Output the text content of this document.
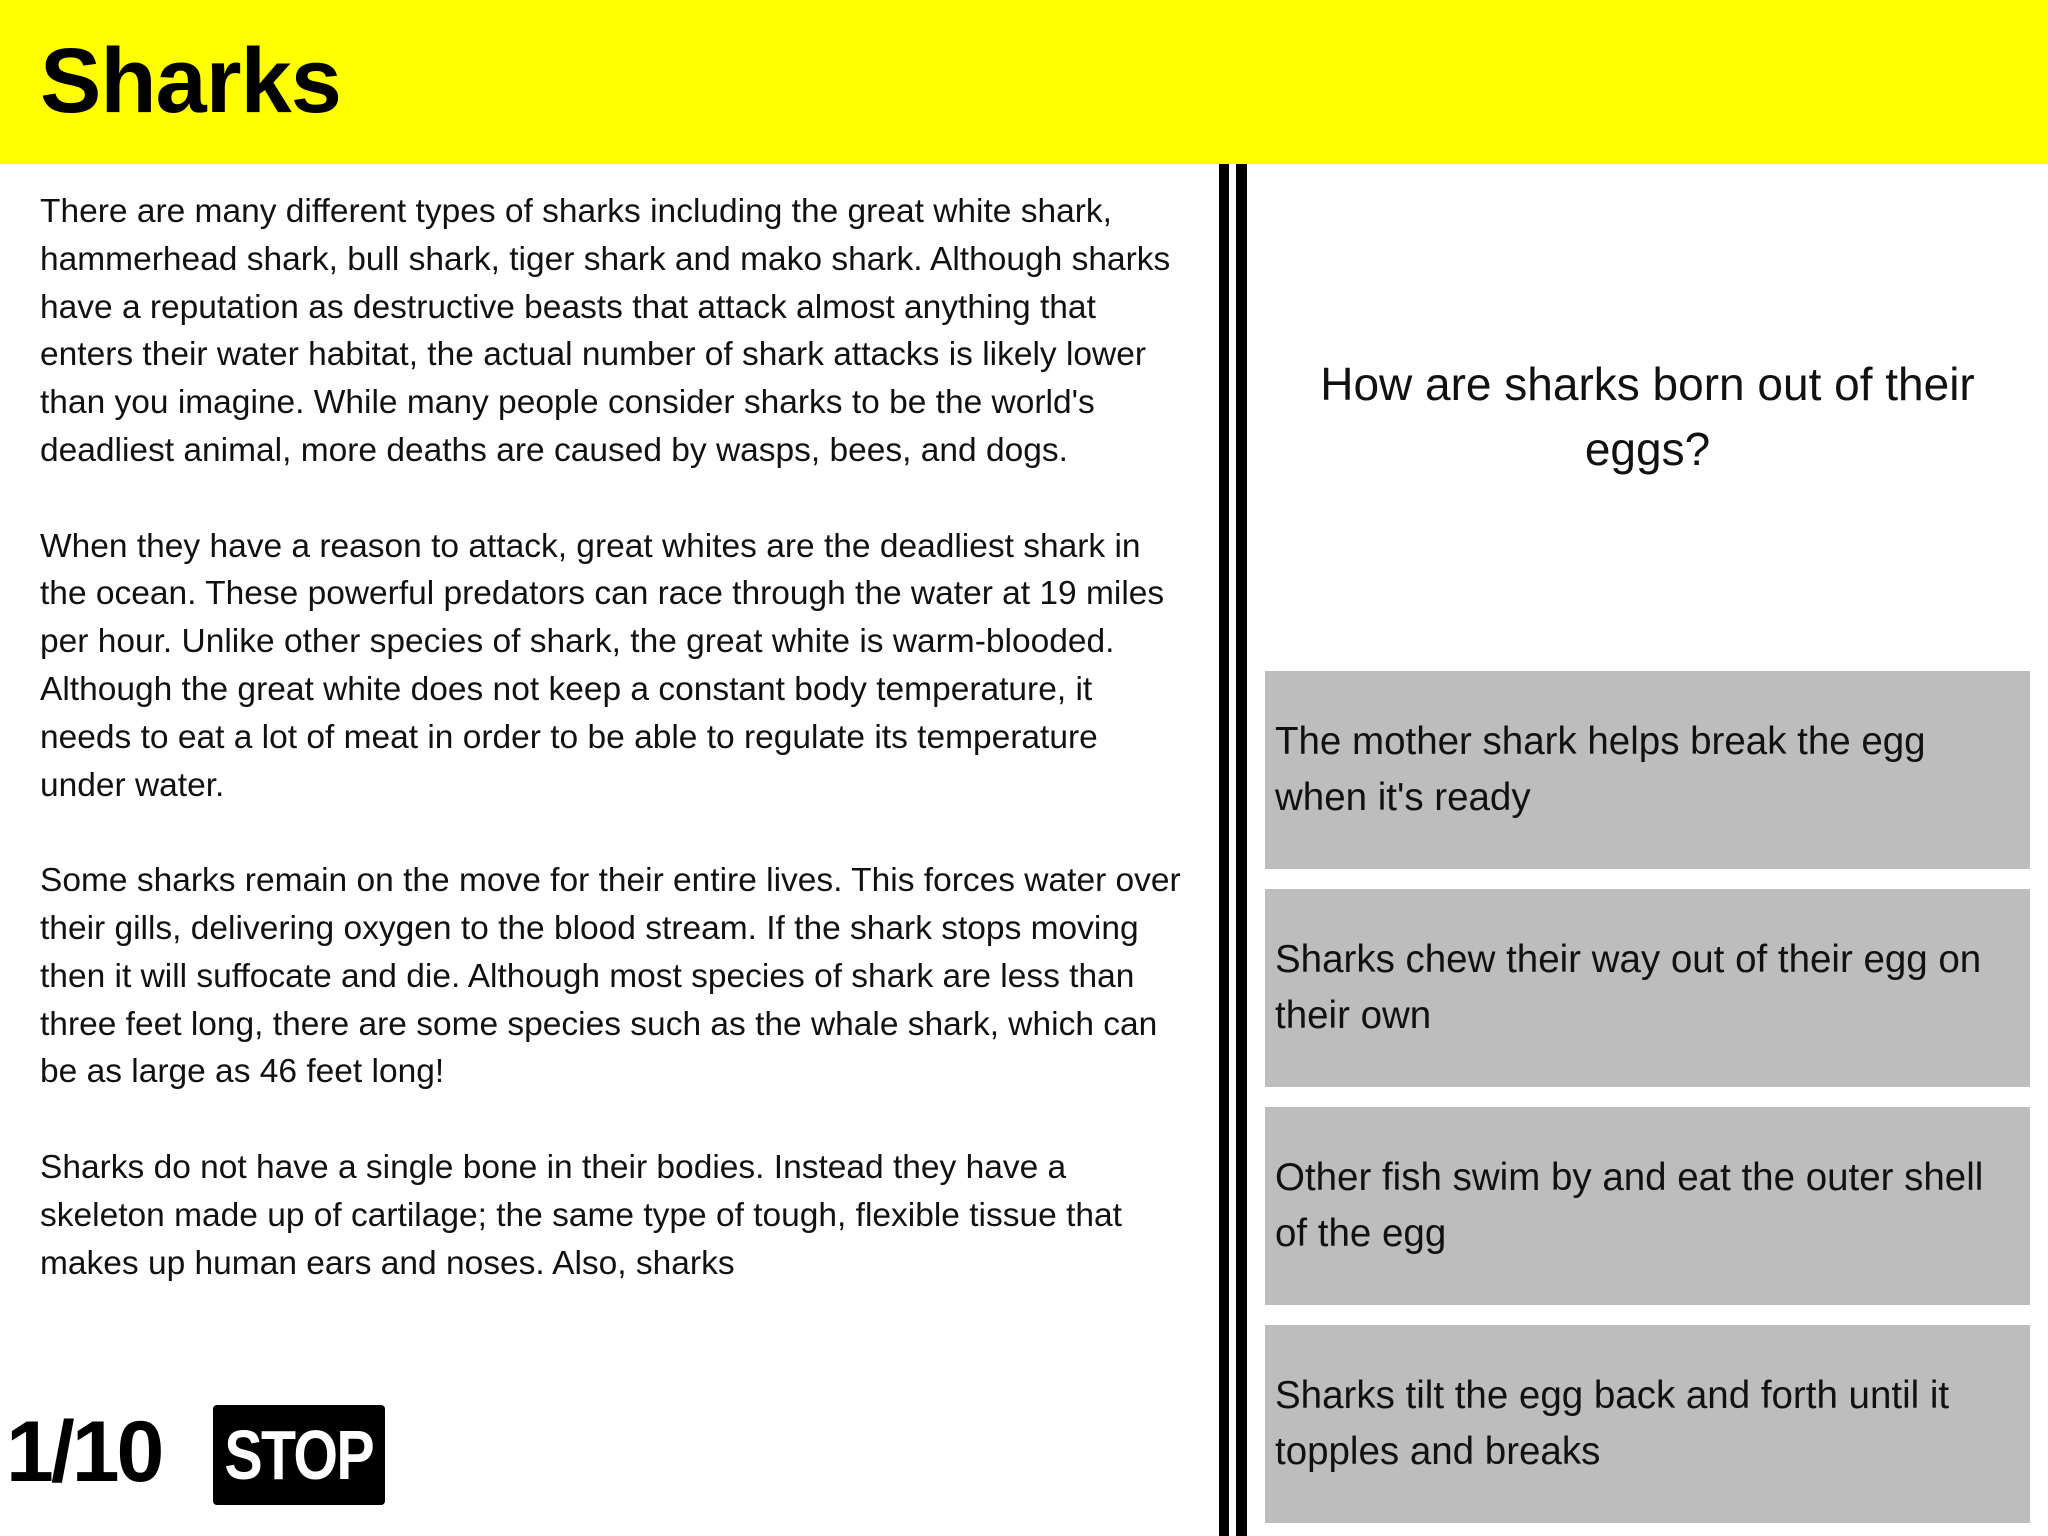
Sharks

There are many different types of sharks including the great white shark, hammerhead shark, bull shark, tiger shark and mako shark. Although sharks have a reputation as destructive beasts that attack almost anything that enters their water habitat, the actual number of shark attacks is likely lower than you imagine. While many people consider sharks to be the world's deadliest animal, more deaths are caused by wasps, bees, and dogs.

When they have a reason to attack, great whites are the deadliest shark in the ocean. These powerful predators can race through the water at 19 miles per hour. Unlike other species of shark, the great white is warm-blooded. Although the great white does not keep a constant body temperature, it needs to eat a lot of meat in order to be able to regulate its temperature under water.

Some sharks remain on the move for their entire lives. This forces water over their gills, delivering oxygen to the blood stream. If the shark stops moving then it will suffocate and die. Although most species of shark are less than three feet long, there are some species such as the whale shark, which can be as large as 46 feet long!

Sharks do not have a single bone in their bodies. Instead they have a skeleton made up of cartilage; the same type of tough, flexible tissue that makes up human ears and noses. Also, sharks

How are sharks born out of their eggs?
The mother shark helps break the egg when it's ready
Sharks chew their way out of their egg on their own
Other fish swim by and eat the outer shell of the egg
Sharks tilt the egg back and forth until it topples and breaks
1/10 STOP
